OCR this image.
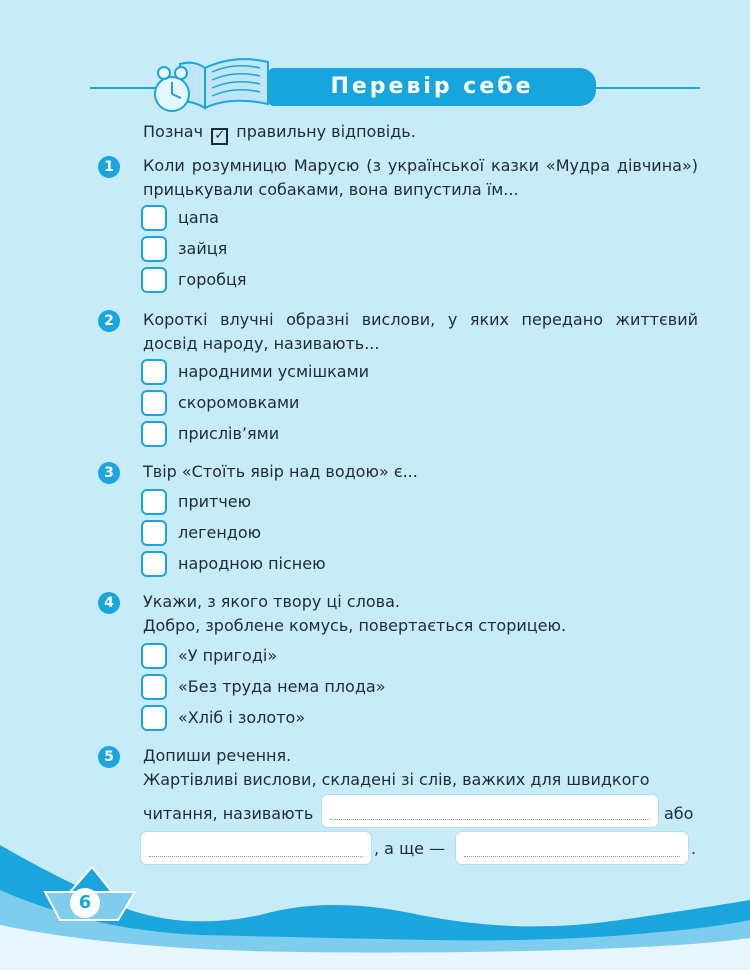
Перевір себе
Познач ✓ правильну відповідь.
1	Коли розумницю Марусю (з української казки «Мудра дівчина») прицькували собаками, вона випустила їм...
цапа
зайця
горобця
2	Короткі влучні образні вислови, у яких передано життєвий досвід народу, називають...
народними усмішками
скоромовками
прислів’ями
3	Твір «Стоїть явір над водою» є...
притчею
легендою
народною піснею
4	Укажи, з якого твору ці слова.
Добро, зроблене комусь, повертається сторицею.
«У пригоді»
«Без труда нема плода»
«Хліб і золото»
5	Допиши речення.
Жартівливі вислови, складені зі слів, важких для швидкого
читання, називають	або
, а ще —	.
6
